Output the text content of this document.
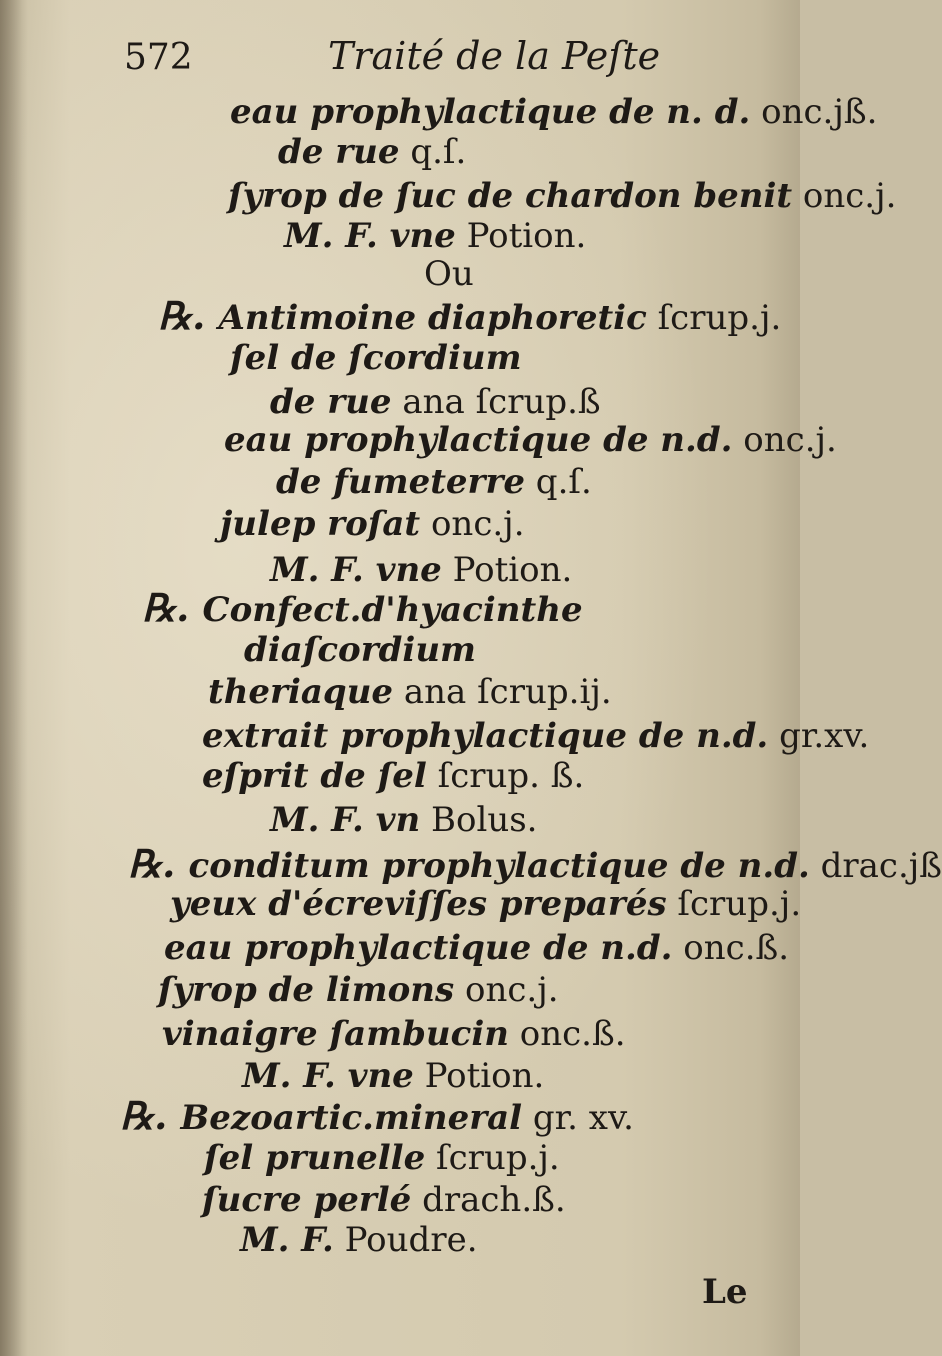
572	Traité de la Peſte
eau prophylactique de n. d. onc.jß.
de rue q.ſ.
ſyrop de ſuc de chardon benit onc.j.
M. F. vne Potion.
Ou
℞. Antimoine diaphoretic ſcrup.j.
ſel de ſcordium
de rue ana ſcrup.ß
eau prophylactique de n.d. onc.j.
de fumeterre q.ſ.
julep roſat onc.j.
M. F. vne Potion.
℞. Confect.d'hyacinthe
diaſcordium
theriaque ana ſcrup.ij.
extrait prophylactique de n.d. gr.xv.
eſprit de ſel ſcrup. ß.
M. F. vn Bolus.
℞. conditum prophylactique de n.d. drac.jß
yeux d'écreviſſes preparés ſcrup.j.
eau prophylactique de n.d. onc.ß.
ſyrop de limons onc.j.
vinaigre ſambucin onc.ß.
M. F. vne Potion.
℞. Bezoartic.mineral gr. xv.
ſel prunelle ſcrup.j.
ſucre perlé drach.ß.
M. F. Poudre.
Le
